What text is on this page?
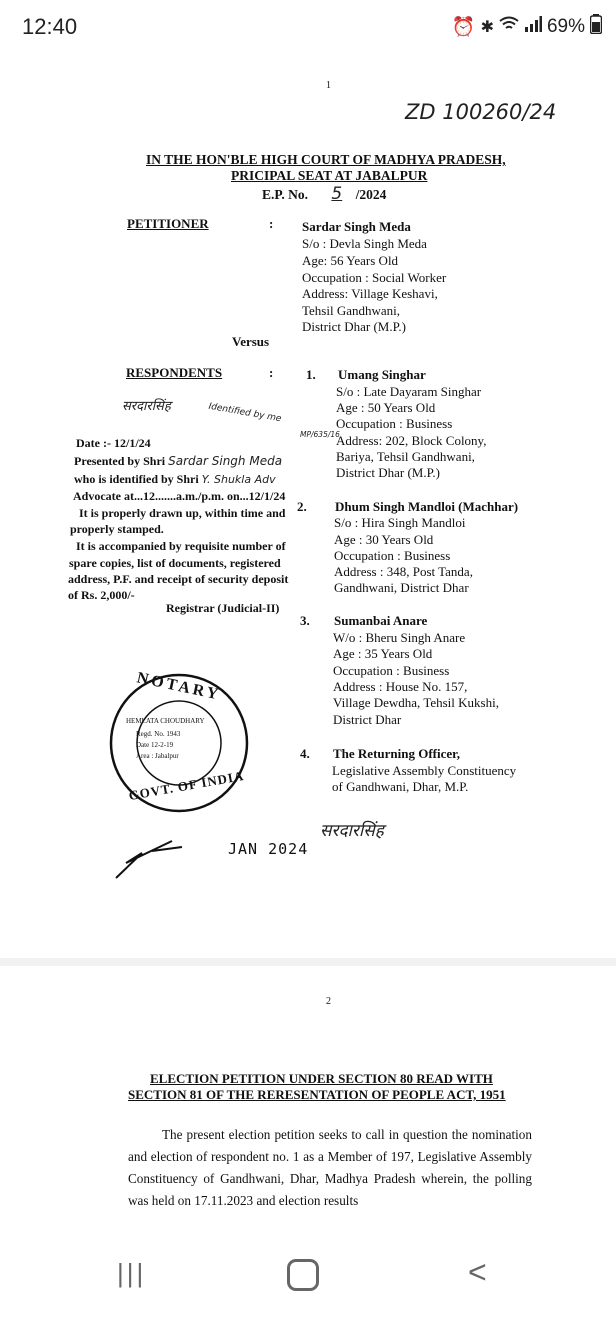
12:40	⏰ ✱	69%
1
ZD 100260/24
IN THE HON'BLE HIGH COURT OF MADHYA PRADESH,
PRICIPAL SEAT AT JABALPUR
E.P. No. 5 /2024
PETITIONER	: Sardar Singh Meda
S/o : Devla Singh Meda
Age: 56 Years Old
Occupation : Social Worker
Address: Village Keshavi,
Tehsil Gandhwani,
District Dhar (M.P.)
Versus
RESPONDENTS	:	1. Umang Singhar
S/o : Late Dayaram Singhar
Age : 50 Years Old
Occupation : Business
Address: 202, Block Colony,
Bariya, Tehsil Gandhwani,
District Dhar (M.P.)
2. Dhum Singh Mandloi (Machhar)
S/o : Hira Singh Mandloi
Age : 30 Years Old
Occupation : Business
Address : 348, Post Tanda,
Gandhwani, District Dhar
3. Sumanbai Anare
W/o : Bheru Singh Anare
Age : 35 Years Old
Occupation : Business
Address : House No. 157,
Village Dewdha, Tehsil Kukshi,
District Dhar
4. The Returning Officer,
Legislative Assembly Constituency
of Gandhwani, Dhar, M.P.
सरदारसिंह	Identified by me
MP/635/16
Date :- 12/1/24
Presented by Shri Sardar Singh Meda
who is identified by Shri Y. Shukla Adv
Advocate at...12.......a.m./p.m. on...12/1/24
It is properly drawn up, within time and
properly stamped.
It is accompanied by requisite number of
spare copies, list of documents, registered
address, P.F. and receipt of security deposit
of Rs. 2,000/-
Registrar (Judicial-II)
NOTARY
GOVT. OF INDIA
HEMLATA CHOUDHARY
Regd. No. 1943
Date 12-2-19
Area : Jabalpur
JAN 2024
सरदारसिंह
2
ELECTION PETITION UNDER SECTION 80 READ WITH
SECTION 81 OF THE RERESENTATION OF PEOPLE ACT, 1951
The present election petition seeks to call in question the nomination and election of respondent no. 1 as a Member of 197, Legislative Assembly Constituency of Gandhwani, Dhar, Madhya Pradesh wherein, the polling was held on 17.11.2023 and election results
|||	<
